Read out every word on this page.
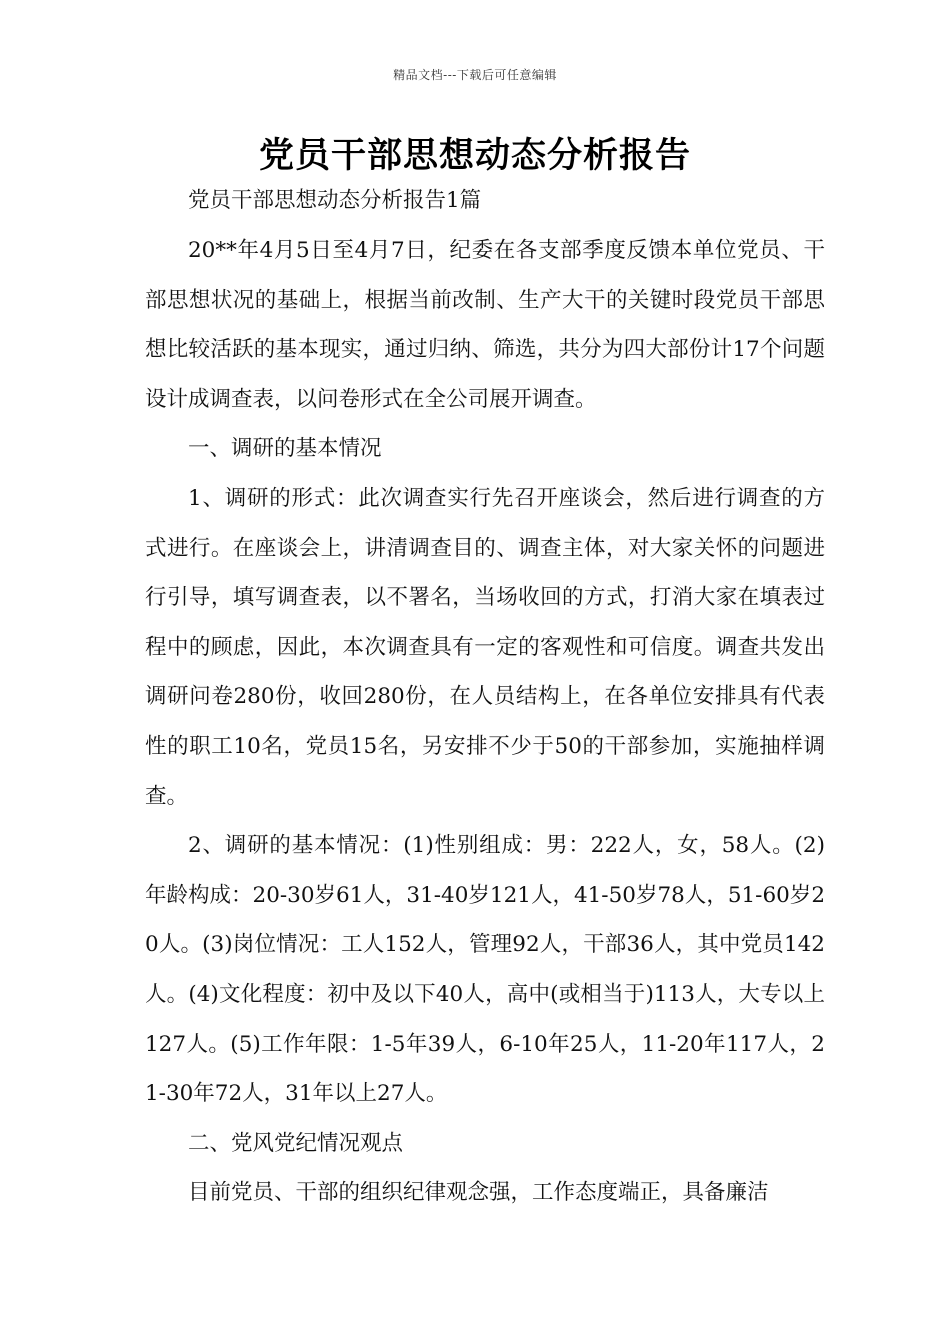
精品文档---下载后可任意编辑
党员干部思想动态分析报告

党员干部思想动态分析报告1篇

20**年4月5日至4月7日，纪委在各支部季度反馈本单位党员、干部思想状况的基础上，根据当前改制、生产大干的关键时段党员干部思想比较活跃的基本现实，通过归纳、筛选，共分为四大部份计17个问题设计成调查表，以问卷形式在全公司展开调查。

一、调研的基本情况

1、调研的形式：此次调查实行先召开座谈会，然后进行调查的方式进行。在座谈会上，讲清调查目的、调查主体，对大家关怀的问题进行引导，填写调查表，以不署名，当场收回的方式，打消大家在填表过程中的顾虑，因此，本次调查具有一定的客观性和可信度。调查共发出调研问卷280份，收回280份，在人员结构上，在各单位安排具有代表性的职工10名，党员15名，另安排不少于50的干部参加，实施抽样调查。

2、调研的基本情况：(1)性别组成：男：222人，女，58人。(2)年龄构成：20-30岁61人，31-40岁121人，41-50岁78人，51-60岁20人。(3)岗位情况：工人152人，管理92人，干部36人，其中党员142人。(4)文化程度：初中及以下40人，高中(或相当于)113人，大专以上127人。(5)工作年限：1-5年39人，6-10年25人，11-20年117人，21-30年72人，31年以上27人。

二、党风党纪情况观点

目前党员、干部的组织纪律观念强，工作态度端正，具备廉洁
